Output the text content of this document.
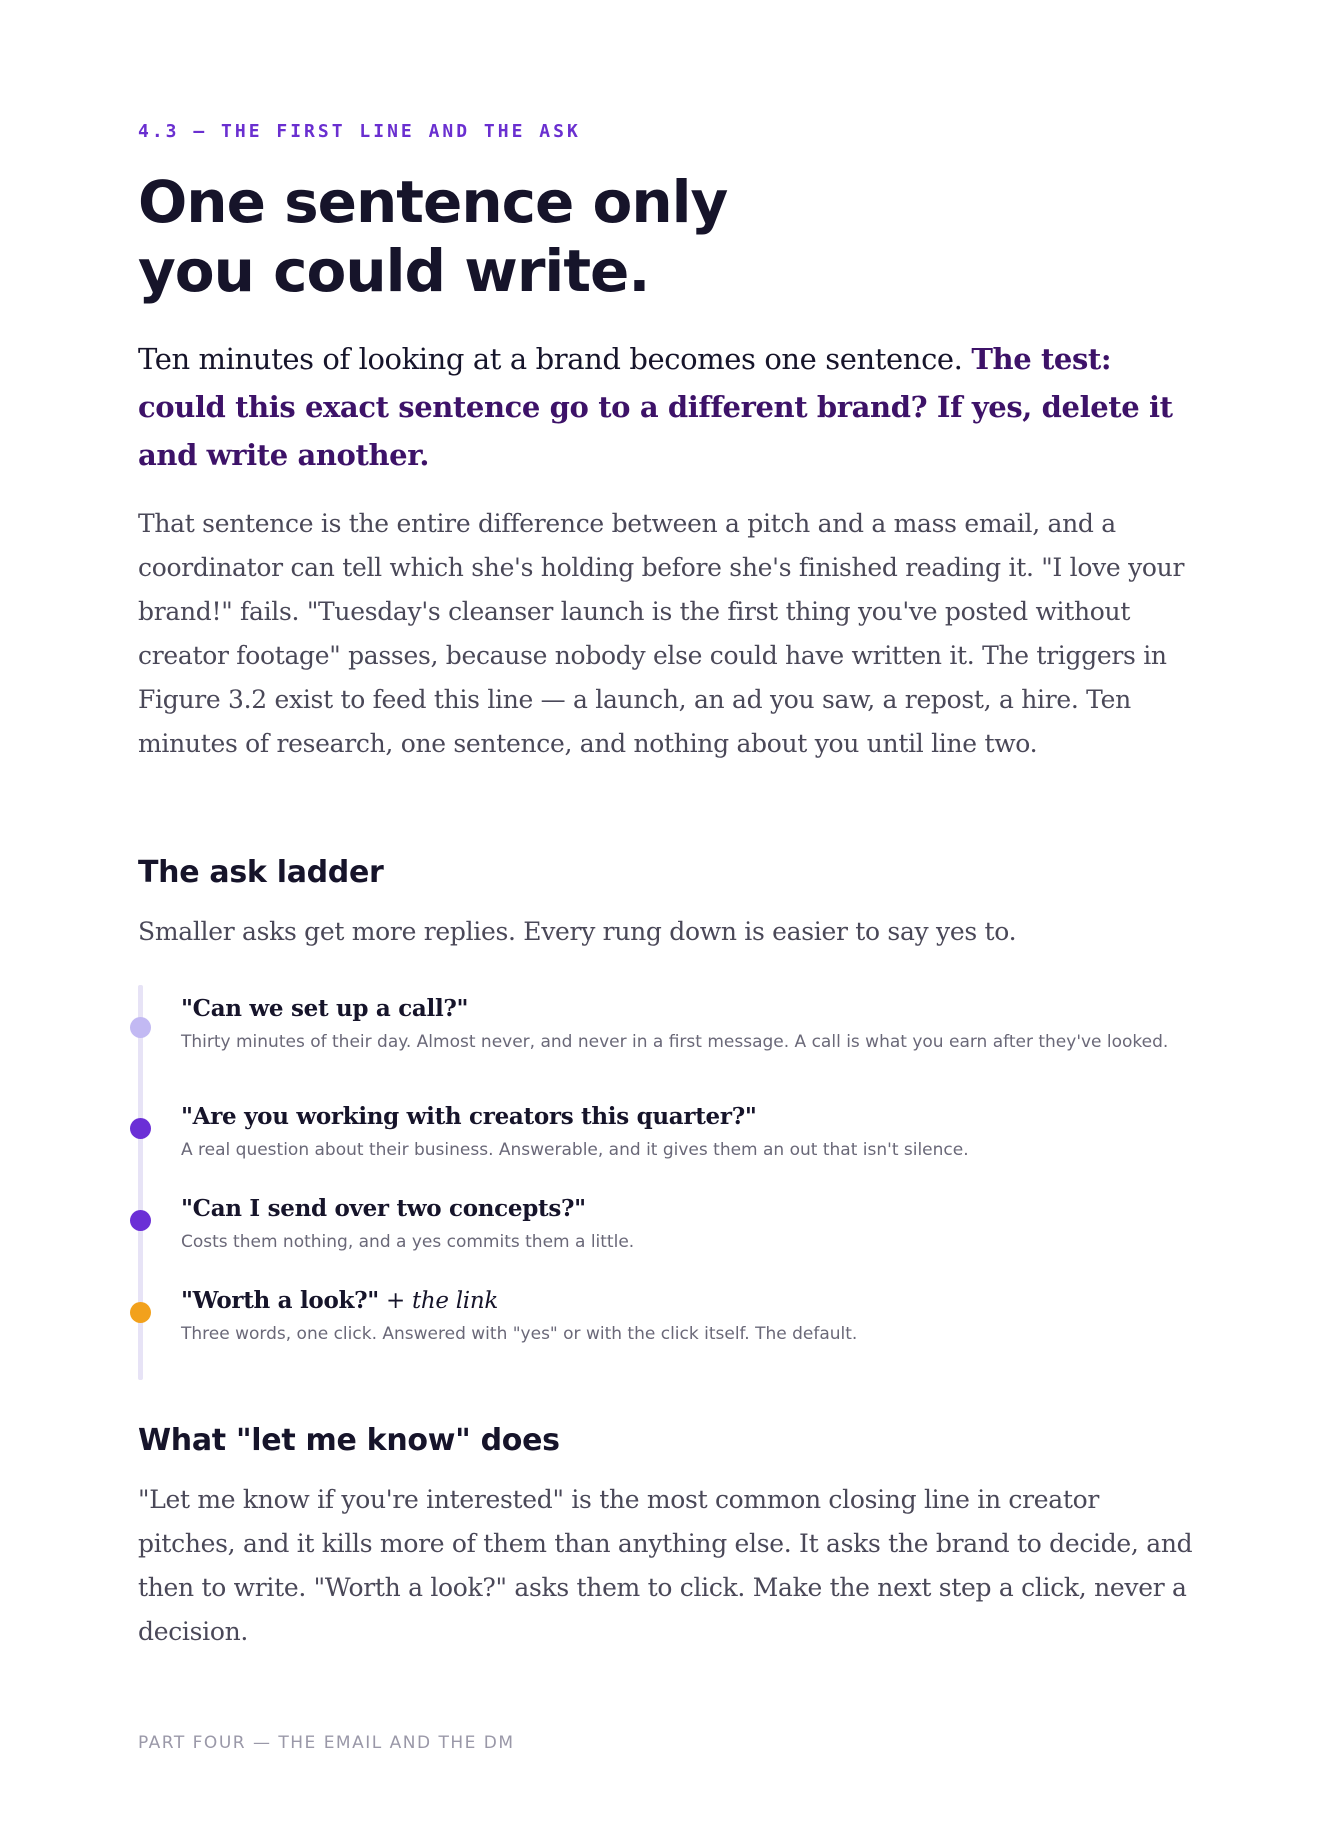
4.3 — THE FIRST LINE AND THE ASK
One sentence only
you could write.

Ten minutes of looking at a brand becomes one sentence. The test: could this exact sentence go to a different brand? If yes, delete it and write another.

That sentence is the entire difference between a pitch and a mass email, and a coordinator can tell which she's holding before she's finished reading it. "I love your brand!" fails. "Tuesday's cleanser launch is the first thing you've posted without creator footage" passes, because nobody else could have written it. The triggers in Figure 3.2 exist to feed this line — a launch, an ad you saw, a repost, a hire. Ten minutes of research, one sentence, and nothing about you until line two.

The ask ladder

Smaller asks get more replies. Every rung down is easier to say yes to.

"Can we set up a call?"
Thirty minutes of their day. Almost never, and never in a first message. A call is what you earn after they've looked.
"Are you working with creators this quarter?"
A real question about their business. Answerable, and it gives them an out that isn't silence.
"Can I send over two concepts?"
Costs them nothing, and a yes commits them a little.
"Worth a look?" + the link
Three words, one click. Answered with "yes" or with the click itself. The default.
What "let me know" does

"Let me know if you're interested" is the most common closing line in creator pitches, and it kills more of them than anything else. It asks the brand to decide, and then to write. "Worth a look?" asks them to click. Make the next step a click, never a decision.

PART FOUR — THE EMAIL AND THE DM
